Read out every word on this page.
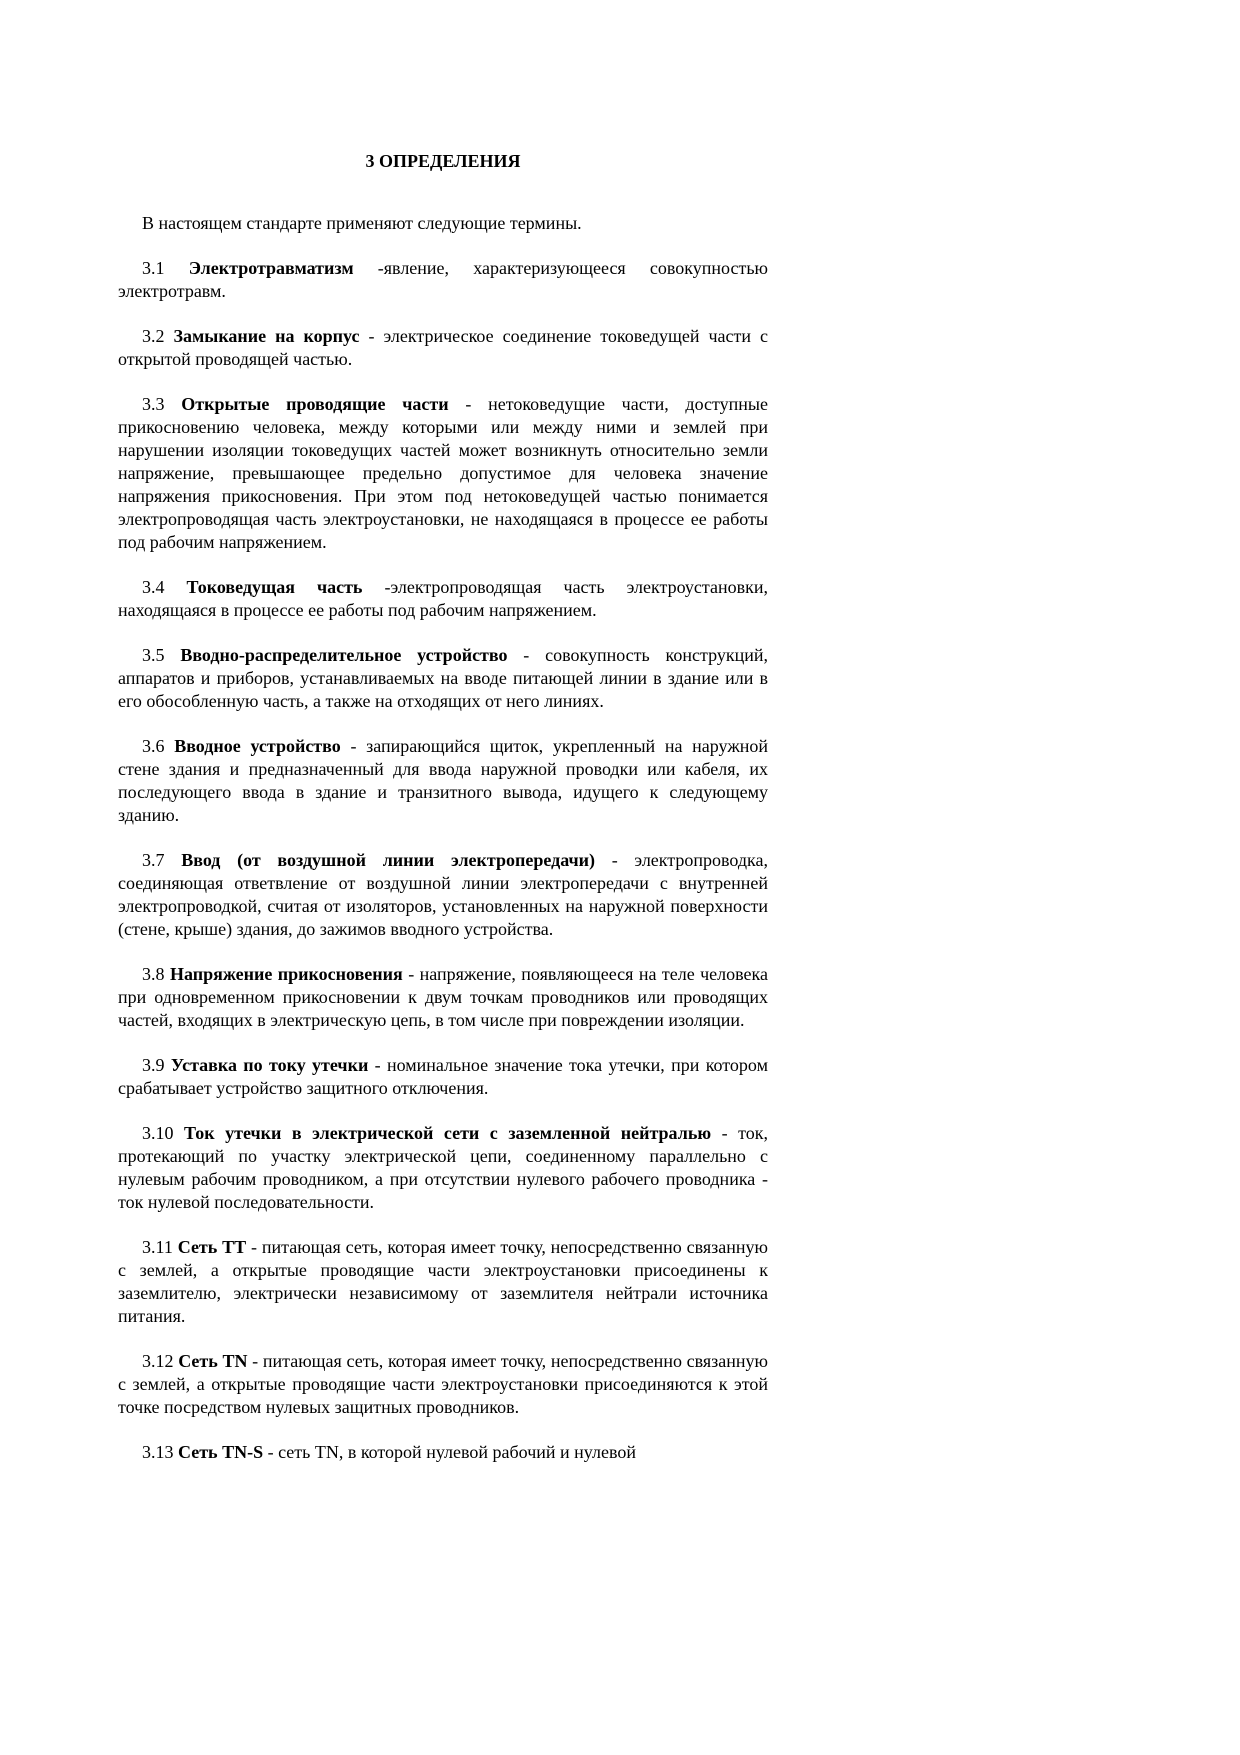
3 ОПРЕДЕЛЕНИЯ

В настоящем стандарте применяют следующие термины.

3.1 Электротравматизм -явление, характеризующееся совокупностью электротравм.

3.2 Замыкание на корпус - электрическое соединение токоведущей части с открытой проводящей частью.

3.3 Открытые проводящие части - нетоковедущие части, доступные прикосновению человека, между которыми или между ними и землей при нарушении изоляции токоведущих частей может возникнуть относительно земли напряжение, превышающее предельно допустимое для человека значение напряжения прикосновения. При этом под нетоковедущей частью понимается электропроводящая часть электроустановки, не находящаяся в процессе ее работы под рабочим напряжением.

3.4 Токоведущая часть -электропроводящая часть электроустановки, находящаяся в процессе ее работы под рабочим напряжением.

3.5 Вводно-распределительное устройство - совокупность конструкций, аппаратов и приборов, устанавливаемых на вводе питающей линии в здание или в его обособленную часть, а также на отходящих от него линиях.

3.6 Вводное устройство - запирающийся щиток, укрепленный на наружной стене здания и предназначенный для ввода наружной проводки или кабеля, их последующего ввода в здание и транзитного вывода, идущего к следующему зданию.

3.7 Ввод (от воздушной линии электропередачи) - электропроводка, соединяющая ответвление от воздушной линии электропередачи с внутренней электропроводкой, считая от изоляторов, установленных на наружной поверхности (стене, крыше) здания, до зажимов вводного устройства.

3.8 Напряжение прикосновения - напряжение, появляющееся на теле человека при одновременном прикосновении к двум точкам проводников или проводящих частей, входящих в электрическую цепь, в том числе при повреждении изоляции.

3.9 Уставка по току утечки - номинальное значение тока утечки, при котором срабатывает устройство защитного отключения.

3.10 Ток утечки в электрической сети с заземленной нейтралью - ток, протекающий по участку электрической цепи, соединенному параллельно с нулевым рабочим проводником, а при отсутствии нулевого рабочего проводника - ток нулевой последовательности.

3.11 Сеть ТТ - питающая сеть, которая имеет точку, непосредственно связанную с землей, а открытые проводящие части электроустановки присоединены к заземлителю, электрически независимому от заземлителя нейтрали источника питания.

3.12 Сеть TN - питающая сеть, которая имеет точку, непосредственно связанную с землей, а открытые проводящие части электроустановки присоединяются к этой точке посредством нулевых защитных проводников.

3.13 Сеть TN-S - сеть TN, в которой нулевой рабочий и нулевой
